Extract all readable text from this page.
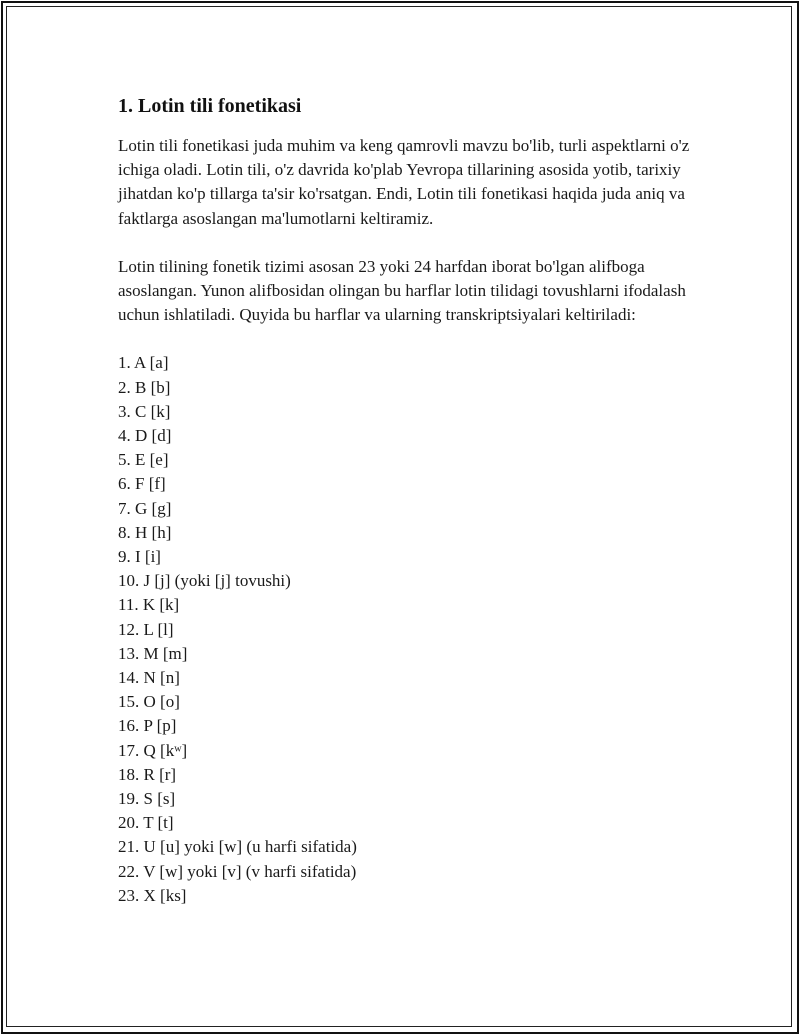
1. Lotin tili fonetikasi

Lotin tili fonetikasi juda muhim va keng qamrovli mavzu bo'lib, turli aspektlarni o'z ichiga oladi. Lotin tili, o'z davrida ko'plab Yevropa tillarining asosida yotib, tarixiy jihatdan ko'p tillarga ta'sir ko'rsatgan. Endi, Lotin tili fonetikasi haqida juda aniq va faktlarga asoslangan ma'lumotlarni keltiramiz.

Lotin tilining fonetik tizimi asosan 23 yoki 24 harfdan iborat bo'lgan alifboga asoslangan. Yunon alifbosidan olingan bu harflar lotin tilidagi tovushlarni ifodalash uchun ishlatiladi. Quyida bu harflar va ularning transkriptsiyalari keltiriladi:

1. A [a]
2. B [b]
3. C [k]
4. D [d]
5. E [e]
6. F [f]
7. G [g]
8. H [h]
9. I [i]
10. J [j] (yoki [j] tovushi)
11. K [k]
12. L [l]
13. M [m]
14. N [n]
15. O [o]
16. P [p]
17. Q [kʷ]
18. R [r]
19. S [s]
20. T [t]
21. U [u] yoki [w] (u harfi sifatida)
22. V [w] yoki [v] (v harfi sifatida)
23. X [ks]
